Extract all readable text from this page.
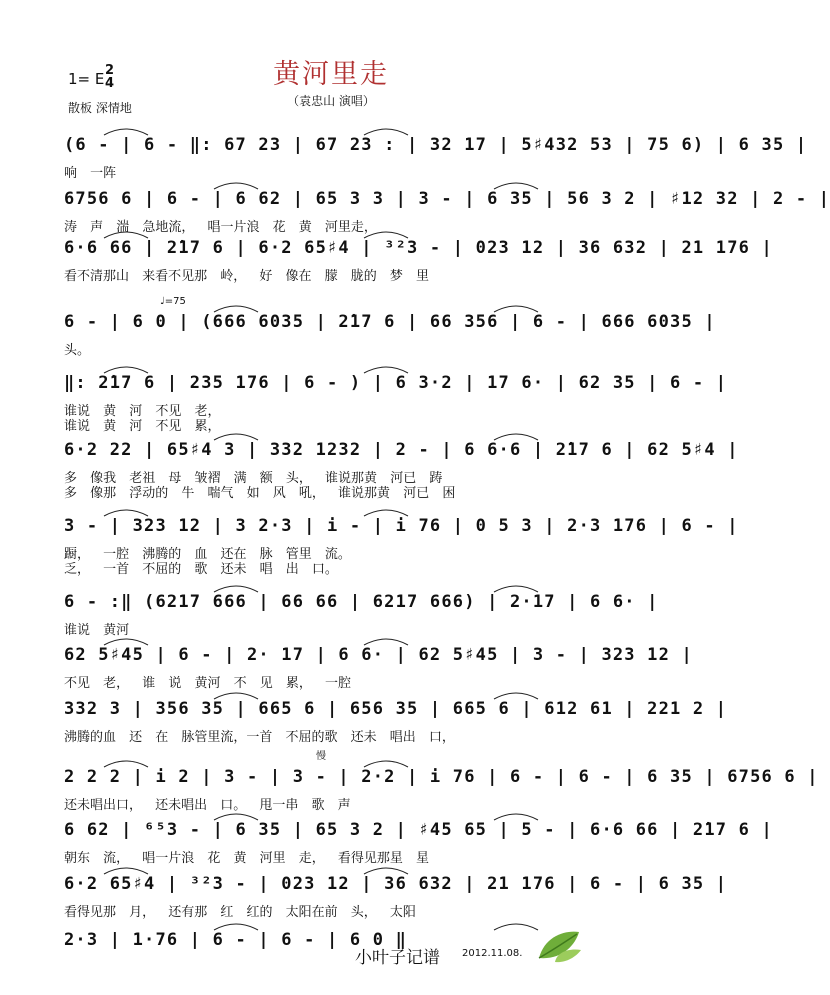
黄河里走
（袁忠山 演唱）
1= E 2
4
散板 深情地
♩=75
慢
(6 - | 6 - ‖: 67 23 | 67 23 : | 32 17 | 5♯432 53 | 75 6) | 6 35 |
响 一阵
6756 6 | 6 - | 6 62 | 65 3 3 | 3 - | 6 35 | 56 3 2 | ♯12 32 | 2 - |
涛 声 湍 急地流， 唱一片浪 花 黄 河里走，
6·6 66 | 2̇17 6 | 6·2 65♯4 | ³²3 - | 023 12 | 36 632 | 21 176 |
看不清那山 来看不见那 岭， 好 像在 朦 胧的 梦 里
6 - | 6 0 | (666 6035 | 2̇17 6 | 66 356 | 6 - | 666 6035 |
头。
‖: 2̇17 6 | 235 176 | 6 - ) | 6 3·2 | 17 6· | 62 35 | 6 - |
谁说 黄 河 不见 老，
谁说 黄 河 不见 累，
6·2 22 | 65♯4 3 | 332 1232 | 2 - | 6 6·6 | 2̇17 6 | 62 5♯4 |
多 像我 老祖 母 皱褶 满 额 头， 谁说那黄 河已 踌
多 像那 浮动的 牛 喘气 如 风 吼， 谁说那黄 河已 困
3 - | 323 12 | 3 2·3 | i - | i 76 | 0 5 3 | 2·3 176 | 6 - |
蹰， 一腔 沸腾的 血 还在 脉 管里 流。
乏， 一首 不屈的 歌 还未 唱 出 口。
6 - :‖ (6217 666 | 66 66 | 6217 666) | 2·17 | 6 6· |
谁说 黄河
62 5♯45 | 6 - | 2· 17 | 6 6· | 62 5♯45 | 3 - | 323 12 |
不见 老， 谁 说 黄河 不 见 累， 一腔
332 3 | 356 35 | 665 6 | 656 35 | 665 6 | 612 61 | 221 2 |
沸腾的血 还 在 脉管里流，一首 不屈的歌 还未 唱出 口，
2 2 2 | i 2 | 3 - | 3 - | 2·2 | i 76 | 6 - | 6 - | 6 35 | 6756 6 |
还未唱出口， 还未唱出 口。 甩一串 歌 声
6 62 | ⁶⁵3 - | 6 35 | 65 3 2 | ♯45 65 | 5 - | 6·6 66 | 2̇17 6 |
朝东 流， 唱一片浪 花 黄 河里 走， 看得见那星 星
6·2 65♯4 | ³²3 - | 023 12 | 36 632 | 21 176 | 6 - | 6 35 |
看得见那 月， 还有那 红 红的 太阳在前 头， 太阳
2·3 | 1·76 | 6 - | 6 - | 6 0 ‖
小叶子记谱 2012.11.08.
